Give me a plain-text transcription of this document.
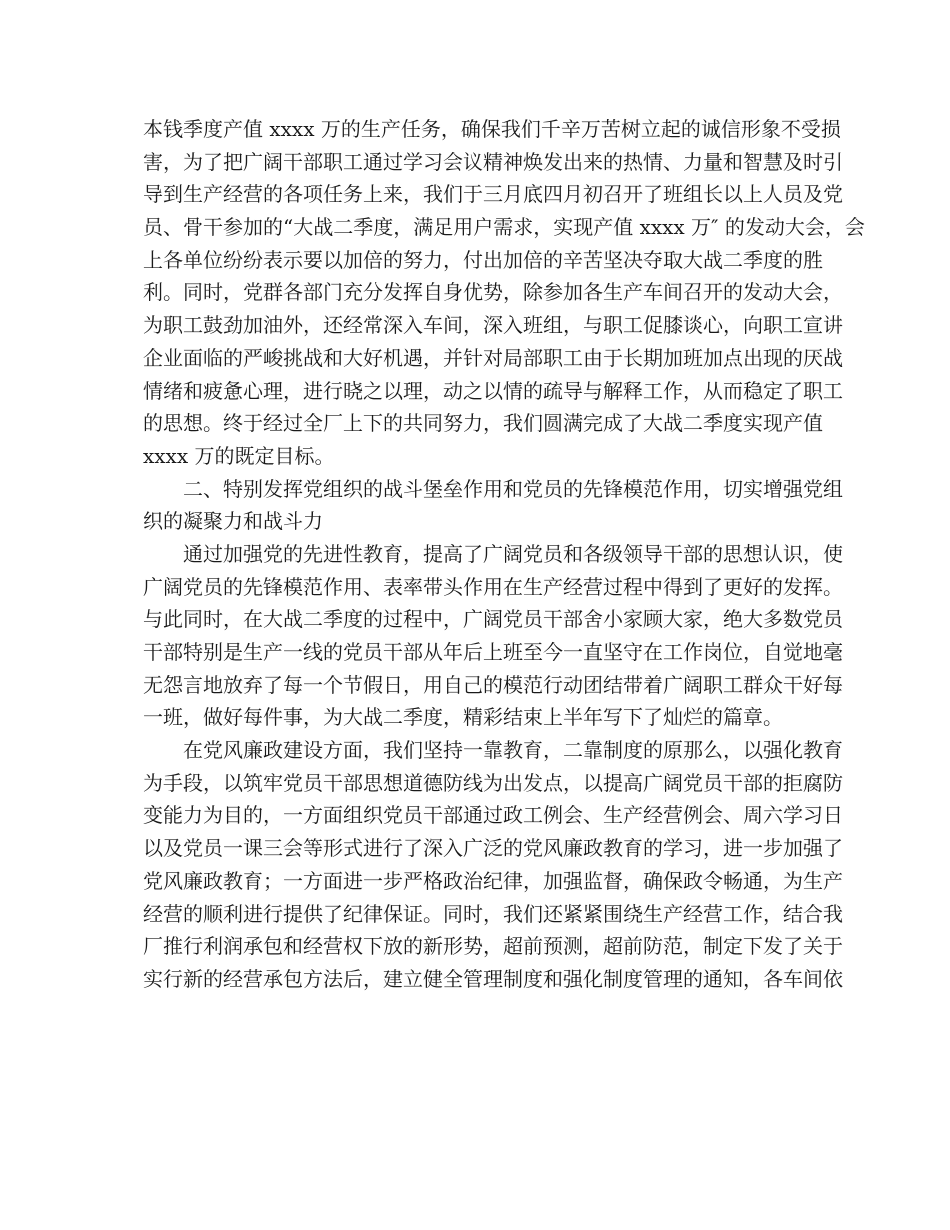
本钱季度产值 xxxx 万的生产任务，确保我们千辛万苦树立起的诚信形象不受损
害，为了把广阔干部职工通过学习会议精神焕发出来的热情、力量和智慧及时引
导到生产经营的各项任务上来，我们于三月底四月初召开了班组长以上人员及党
员、骨干参加的“大战二季度，满足用户需求，实现产值 xxxx 万″ 的发动大会，会
上各单位纷纷表示要以加倍的努力，付出加倍的辛苦坚决夺取大战二季度的胜
利。同时，党群各部门充分发挥自身优势，除参加各生产车间召开的发动大会，
为职工鼓劲加油外，还经常深入车间，深入班组，与职工促膝谈心，向职工宣讲
企业面临的严峻挑战和大好机遇，并针对局部职工由于长期加班加点出现的厌战
情绪和疲惫心理，进行晓之以理，动之以情的疏导与解释工作，从而稳定了职工
的思想。终于经过全厂上下的共同努力，我们圆满完成了大战二季度实现产值
xxxx 万的既定目标。
二、特别发挥党组织的战斗堡垒作用和党员的先锋模范作用，切实增强党组
织的凝聚力和战斗力
通过加强党的先进性教育，提高了广阔党员和各级领导干部的思想认识，使
广阔党员的先锋模范作用、表率带头作用在生产经营过程中得到了更好的发挥。
与此同时，在大战二季度的过程中，广阔党员干部舍小家顾大家，绝大多数党员
干部特别是生产一线的党员干部从年后上班至今一直坚守在工作岗位，自觉地毫
无怨言地放弃了每一个节假日，用自己的模范行动团结带着广阔职工群众干好每
一班，做好每件事，为大战二季度，精彩结束上半年写下了灿烂的篇章。
在党风廉政建设方面，我们坚持一靠教育，二靠制度的原那么，以强化教育
为手段，以筑牢党员干部思想道德防线为出发点，以提高广阔党员干部的拒腐防
变能力为目的，一方面组织党员干部通过政工例会、生产经营例会、周六学习日
以及党员一课三会等形式进行了深入广泛的党风廉政教育的学习，进一步加强了
党风廉政教育；一方面进一步严格政治纪律，加强监督，确保政令畅通，为生产
经营的顺利进行提供了纪律保证。同时，我们还紧紧围绕生产经营工作，结合我
厂推行利润承包和经营权下放的新形势，超前预测，超前防范，制定下发了关于
实行新的经营承包方法后，建立健全管理制度和强化制度管理的通知，各车间依
